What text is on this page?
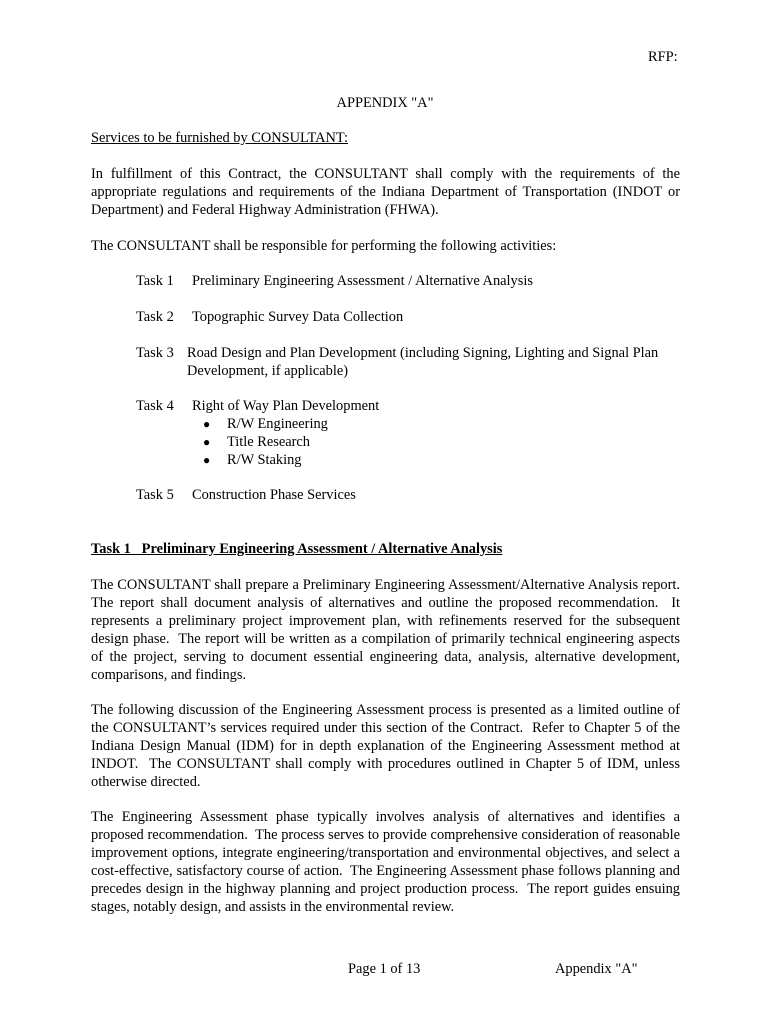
RFP:
APPENDIX "A"
Services to be furnished by CONSULTANT:

In fulfillment of this Contract, the CONSULTANT shall comply with the requirements of the appropriate regulations and requirements of the Indiana Department of Transportation (INDOT or Department) and Federal Highway Administration (FHWA).

The CONSULTANT shall be responsible for performing the following activities:
Task 1 Preliminary Engineering Assessment / Alternative Analysis
Task 2 Topographic Survey Data Collection
Task 3 Road Design and Plan Development (including Signing, Lighting and Signal Plan
Development, if applicable)
Task 4 Right of Way Plan Development
● R/W Engineering
● Title Research
● R/W Staking
Task 5 Construction Phase Services
Task 1   Preliminary Engineering Assessment / Alternative Analysis

The CONSULTANT shall prepare a Preliminary Engineering Assessment/Alternative Analysis report.   The report shall document analysis of alternatives and outline the proposed recommendation.  It represents a preliminary project improvement plan, with refinements reserved for the subsequent design phase.  The report will be written as a compilation of primarily technical engineering aspects of the project, serving to document essential engineering data, analysis, alternative development, comparisons, and findings.

The following discussion of the Engineering Assessment process is presented as a limited outline of the CONSULTANT’s services required under this section of the Contract.  Refer to Chapter 5 of the Indiana Design Manual (IDM) for in depth explanation of the Engineering Assessment method at INDOT.  The CONSULTANT shall comply with procedures outlined in Chapter 5 of IDM, unless otherwise directed.

The Engineering Assessment phase typically involves analysis of alternatives and identifies a proposed recommendation.  The process serves to provide comprehensive consideration of reasonable improvement options, integrate engineering/transportation and environmental objectives, and select a cost-effective, satisfactory course of action.  The Engineering Assessment phase follows planning and precedes design in the highway planning and project production process.  The report guides ensuing stages, notably design, and assists in the environmental review.

Page 1 of 13	Appendix "A"
